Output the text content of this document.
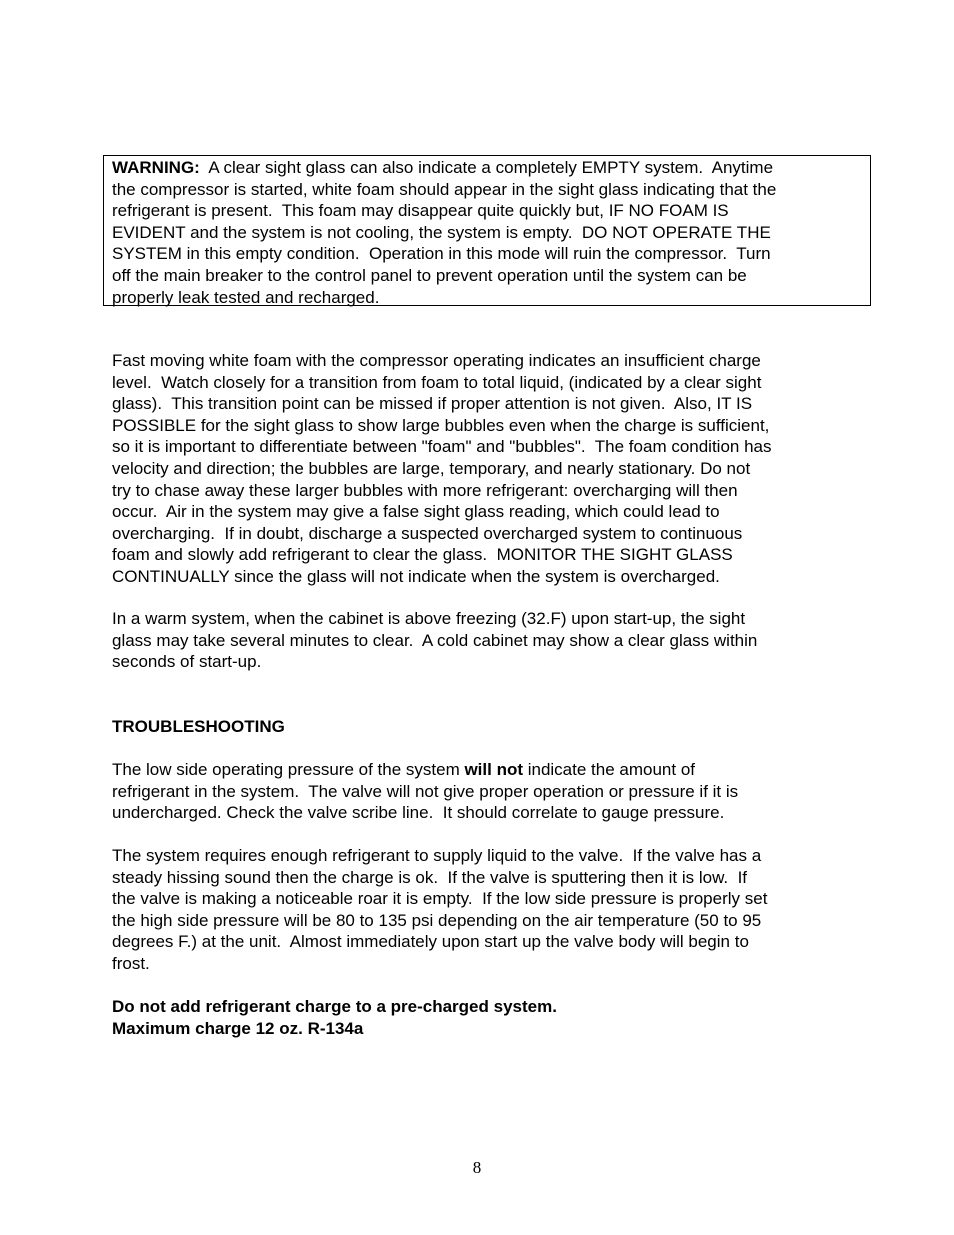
WARNING:  A clear sight glass can also indicate a completely EMPTY system.  Anytime
the compressor is started, white foam should appear in the sight glass indicating that the
refrigerant is present.  This foam may disappear quite quickly but, IF NO FOAM IS
EVIDENT and the system is not cooling, the system is empty.  DO NOT OPERATE THE
SYSTEM in this empty condition.  Operation in this mode will ruin the compressor.  Turn
off the main breaker to the control panel to prevent operation until the system can be
properly leak tested and recharged.
Fast moving white foam with the compressor operating indicates an insufficient charge
level.  Watch closely for a transition from foam to total liquid, (indicated by a clear sight
glass).  This transition point can be missed if proper attention is not given.  Also, IT IS
POSSIBLE for the sight glass to show large bubbles even when the charge is sufficient,
so it is important to differentiate between "foam" and "bubbles".  The foam condition has
velocity and direction; the bubbles are large, temporary, and nearly stationary. Do not
try to chase away these larger bubbles with more refrigerant: overcharging will then
occur.  Air in the system may give a false sight glass reading, which could lead to
overcharging.  If in doubt, discharge a suspected overcharged system to continuous
foam and slowly add refrigerant to clear the glass.  MONITOR THE SIGHT GLASS
CONTINUALLY since the glass will not indicate when the system is overcharged.
In a warm system, when the cabinet is above freezing (32.F) upon start-up, the sight
glass may take several minutes to clear.  A cold cabinet may show a clear glass within
seconds of start-up.
TROUBLESHOOTING
The low side operating pressure of the system will not indicate the amount of
refrigerant in the system.  The valve will not give proper operation or pressure if it is
undercharged. Check the valve scribe line.  It should correlate to gauge pressure.
The system requires enough refrigerant to supply liquid to the valve.  If the valve has a
steady hissing sound then the charge is ok.  If the valve is sputtering then it is low.  If
the valve is making a noticeable roar it is empty.  If the low side pressure is properly set
the high side pressure will be 80 to 135 psi depending on the air temperature (50 to 95
degrees F.) at the unit.  Almost immediately upon start up the valve body will begin to
frost.
Do not add refrigerant charge to a pre-charged system.
Maximum charge 12 oz. R-134a
8
